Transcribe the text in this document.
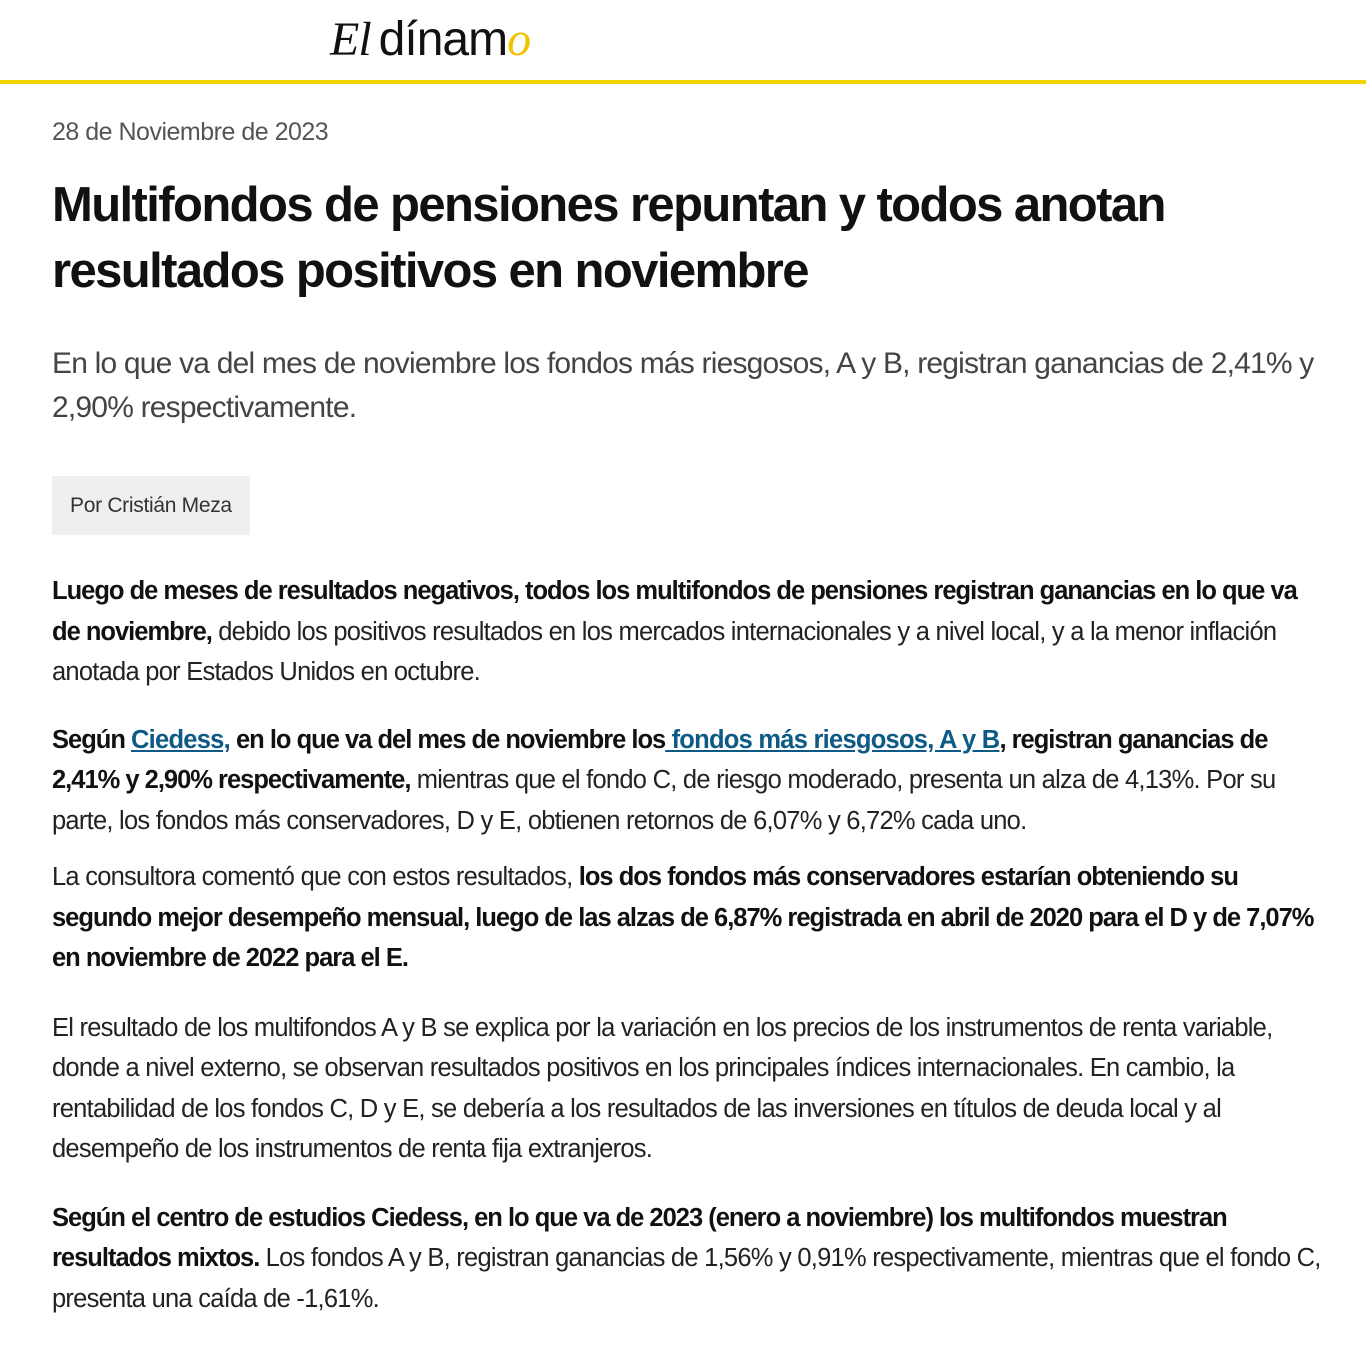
El dínamo

28 de Noviembre de 2023

Multifondos de pensiones repuntan y todos anotan resultados positivos en noviembre

En lo que va del mes de noviembre los fondos más riesgosos, A y B, registran ganancias de 2,41% y 2,90% respectivamente.

Por Cristián Meza

Luego de meses de resultados negativos, todos los multifondos de pensiones registran ganancias en lo que va de noviembre, debido los positivos resultados en los mercados internacionales y a nivel local, y a la menor inflación anotada por Estados Unidos en octubre.

Según Ciedess, en lo que va del mes de noviembre los fondos más riesgosos, A y B, registran ganancias de 2,41% y 2,90% respectivamente, mientras que el fondo C, de riesgo moderado, presenta un alza de 4,13%. Por su parte, los fondos más conservadores, D y E, obtienen retornos de 6,07% y 6,72% cada uno.

La consultora comentó que con estos resultados, los dos fondos más conservadores estarían obteniendo su segundo mejor desempeño mensual, luego de las alzas de 6,87% registrada en abril de 2020 para el D y de 7,07% en noviembre de 2022 para el E.

El resultado de los multifondos A y B se explica por la variación en los precios de los instrumentos de renta variable, donde a nivel externo, se observan resultados positivos en los principales índices internacionales. En cambio, la rentabilidad de los fondos C, D y E, se debería a los resultados de las inversiones en títulos de deuda local y al desempeño de los instrumentos de renta fija extranjeros.

Según el centro de estudios Ciedess, en lo que va de 2023 (enero a noviembre) los multifondos muestran resultados mixtos. Los fondos A y B, registran ganancias de 1,56% y 0,91% respectivamente, mientras que el fondo C, presenta una caída de -1,61%.
